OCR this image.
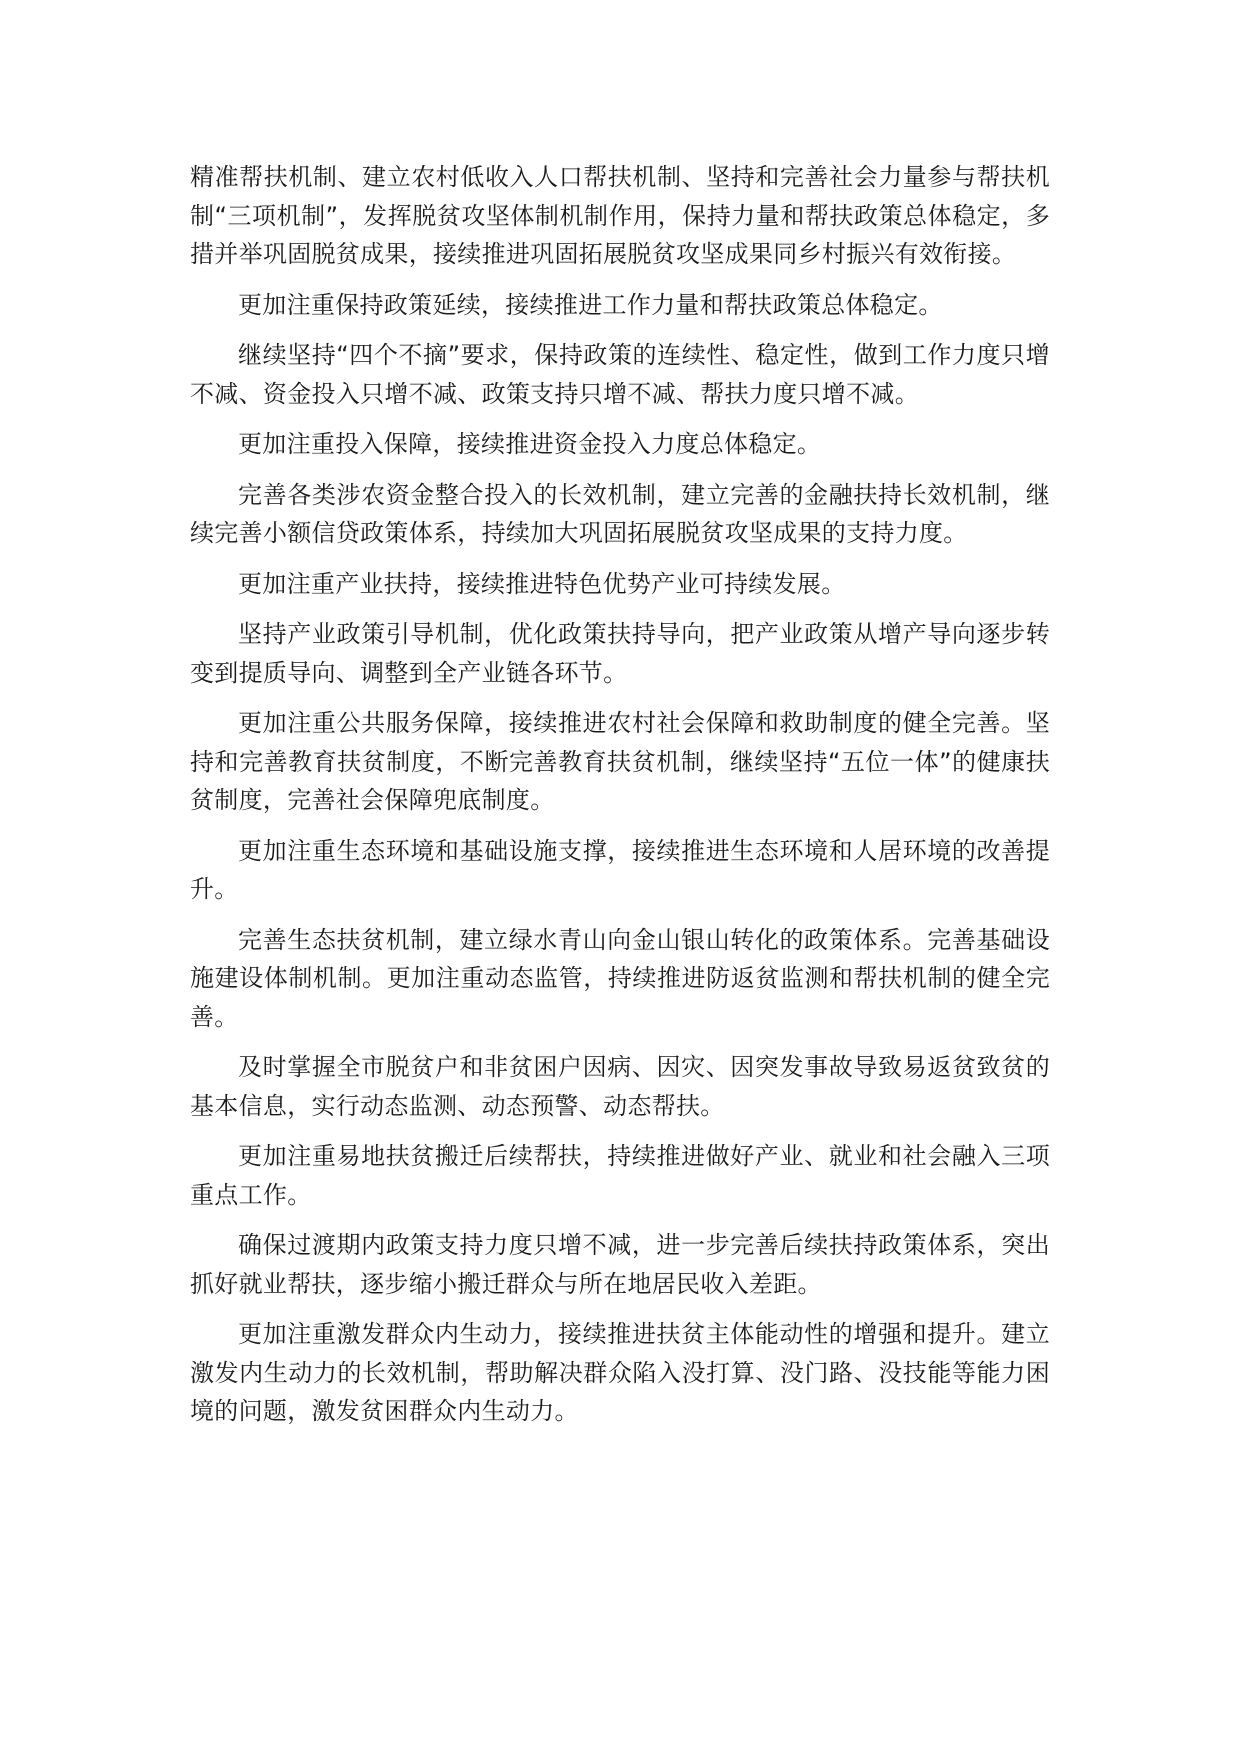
精准帮扶机制、建立农村低收入人口帮扶机制、坚持和完善社会力量参与帮扶机制“三项机制”，发挥脱贫攻坚体制机制作用，保持力量和帮扶政策总体稳定，多措并举巩固脱贫成果，接续推进巩固拓展脱贫攻坚成果同乡村振兴有效衔接。

更加注重保持政策延续，接续推进工作力量和帮扶政策总体稳定。

继续坚持“四个不摘”要求，保持政策的连续性、稳定性，做到工作力度只增不减、资金投入只增不减、政策支持只增不减、帮扶力度只增不减。

更加注重投入保障，接续推进资金投入力度总体稳定。

完善各类涉农资金整合投入的长效机制，建立完善的金融扶持长效机制，继续完善小额信贷政策体系，持续加大巩固拓展脱贫攻坚成果的支持力度。

更加注重产业扶持，接续推进特色优势产业可持续发展。

坚持产业政策引导机制，优化政策扶持导向，把产业政策从增产导向逐步转变到提质导向、调整到全产业链各环节。

更加注重公共服务保障，接续推进农村社会保障和救助制度的健全完善。坚持和完善教育扶贫制度，不断完善教育扶贫机制，继续坚持“五位一体”的健康扶贫制度，完善社会保障兜底制度。

更加注重生态环境和基础设施支撑，接续推进生态环境和人居环境的改善提升。

完善生态扶贫机制，建立绿水青山向金山银山转化的政策体系。完善基础设施建设体制机制。更加注重动态监管，持续推进防返贫监测和帮扶机制的健全完善。

及时掌握全市脱贫户和非贫困户因病、因灾、因突发事故导致易返贫致贫的基本信息，实行动态监测、动态预警、动态帮扶。

更加注重易地扶贫搬迁后续帮扶，持续推进做好产业、就业和社会融入三项重点工作。

确保过渡期内政策支持力度只增不减，进一步完善后续扶持政策体系，突出抓好就业帮扶，逐步缩小搬迁群众与所在地居民收入差距。

更加注重激发群众内生动力，接续推进扶贫主体能动性的增强和提升。建立激发内生动力的长效机制，帮助解决群众陷入没打算、没门路、没技能等能力困境的问题，激发贫困群众内生动力。
